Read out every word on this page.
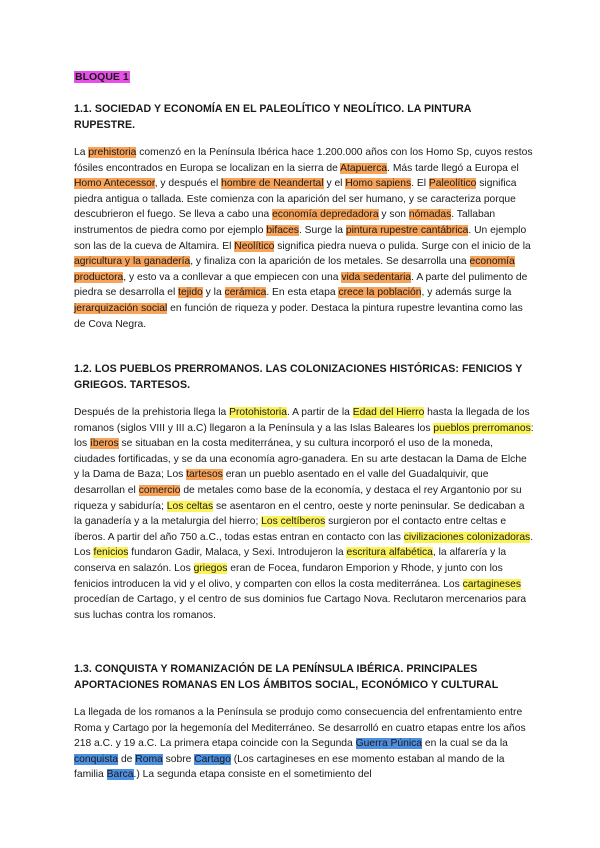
BLOQUE 1
1.1. SOCIEDAD Y ECONOMÍA EN EL PALEOLÍTICO Y NEOLÍTICO. LA PINTURA RUPESTRE.

La prehistoria comenzó en la Península Ibérica hace 1.200.000 años con los Homo Sp, cuyos restos fósiles encontrados en Europa se localizan en la sierra de Atapuerca. Más tarde llegó a Europa el Homo Antecessor, y después el hombre de Neandertal y el Homo sapiens. El Paleolítico significa piedra antigua o tallada. Este comienza con la aparición del ser humano, y se caracteriza porque descubrieron el fuego. Se lleva a cabo una economía depredadora y son nómadas. Tallaban instrumentos de piedra como por ejemplo bifaces. Surge la pintura rupestre cantábrica. Un ejemplo son las de la cueva de Altamira. El Neolítico significa piedra nueva o pulida. Surge con el inicio de la agricultura y la ganadería, y finaliza con la aparición de los metales. Se desarrolla una economía productora, y esto va a conllevar a que empiecen con una vida sedentaria. A parte del pulimento de piedra se desarrolla el tejido y la cerámica. En esta etapa crece la población, y además surge la jerarquización social en función de riqueza y poder. Destaca la pintura rupestre levantina como las de Cova Negra.

1.2. LOS PUEBLOS PRERROMANOS. LAS COLONIZACIONES HISTÓRICAS: FENICIOS Y GRIEGOS. TARTESOS.

Después de la prehistoria llega la Protohistoria. A partir de la Edad del Hierro hasta la llegada de los romanos (siglos VIII y III a.C) llegaron a la Península y a las Islas Baleares los pueblos prerromanos: los íberos se situaban en la costa mediterránea, y su cultura incorporó el uso de la moneda, ciudades fortificadas, y se da una economía agro-ganadera. En su arte destacan la Dama de Elche y la Dama de Baza; Los tartesos eran un pueblo asentado en el valle del Guadalquivir, que desarrollan el comercio de metales como base de la economía, y destaca el rey Argantonio por su riqueza y sabiduría; Los celtas se asentaron en el centro, oeste y norte peninsular. Se dedicaban a la ganadería y a la metalurgia del hierro; Los celtíberos surgieron por el contacto entre celtas e íberos. A partir del año 750 a.C., todas estas entran en contacto con las civilizaciones colonizadoras. Los fenicios fundaron Gadir, Malaca, y Sexi. Introdujeron la escritura alfabética, la alfarería y la conserva en salazón. Los griegos eran de Focea, fundaron Emporion y Rhode, y junto con los fenicios introducen la vid y el olivo, y comparten con ellos la costa mediterránea. Los cartagineses procedían de Cartago, y el centro de sus dominios fue Cartago Nova. Reclutaron mercenarios para sus luchas contra los romanos.

1.3. CONQUISTA Y ROMANIZACIÓN DE LA PENÍNSULA IBÉRICA. PRINCIPALES APORTACIONES ROMANAS EN LOS ÁMBITOS SOCIAL, ECONÓMICO Y CULTURAL

La llegada de los romanos a la Península se produjo como consecuencia del enfrentamiento entre Roma y Cartago por la hegemonía del Mediterráneo. Se desarrolló en cuatro etapas entre los años 218 a.C. y 19 a.C. La primera etapa coincide con la Segunda Guerra Púnica en la cual se da la conquista de Roma sobre Cartago (Los cartagineses en ese momento estaban al mando de la familia Barca.) La segunda etapa consiste en el sometimiento del
